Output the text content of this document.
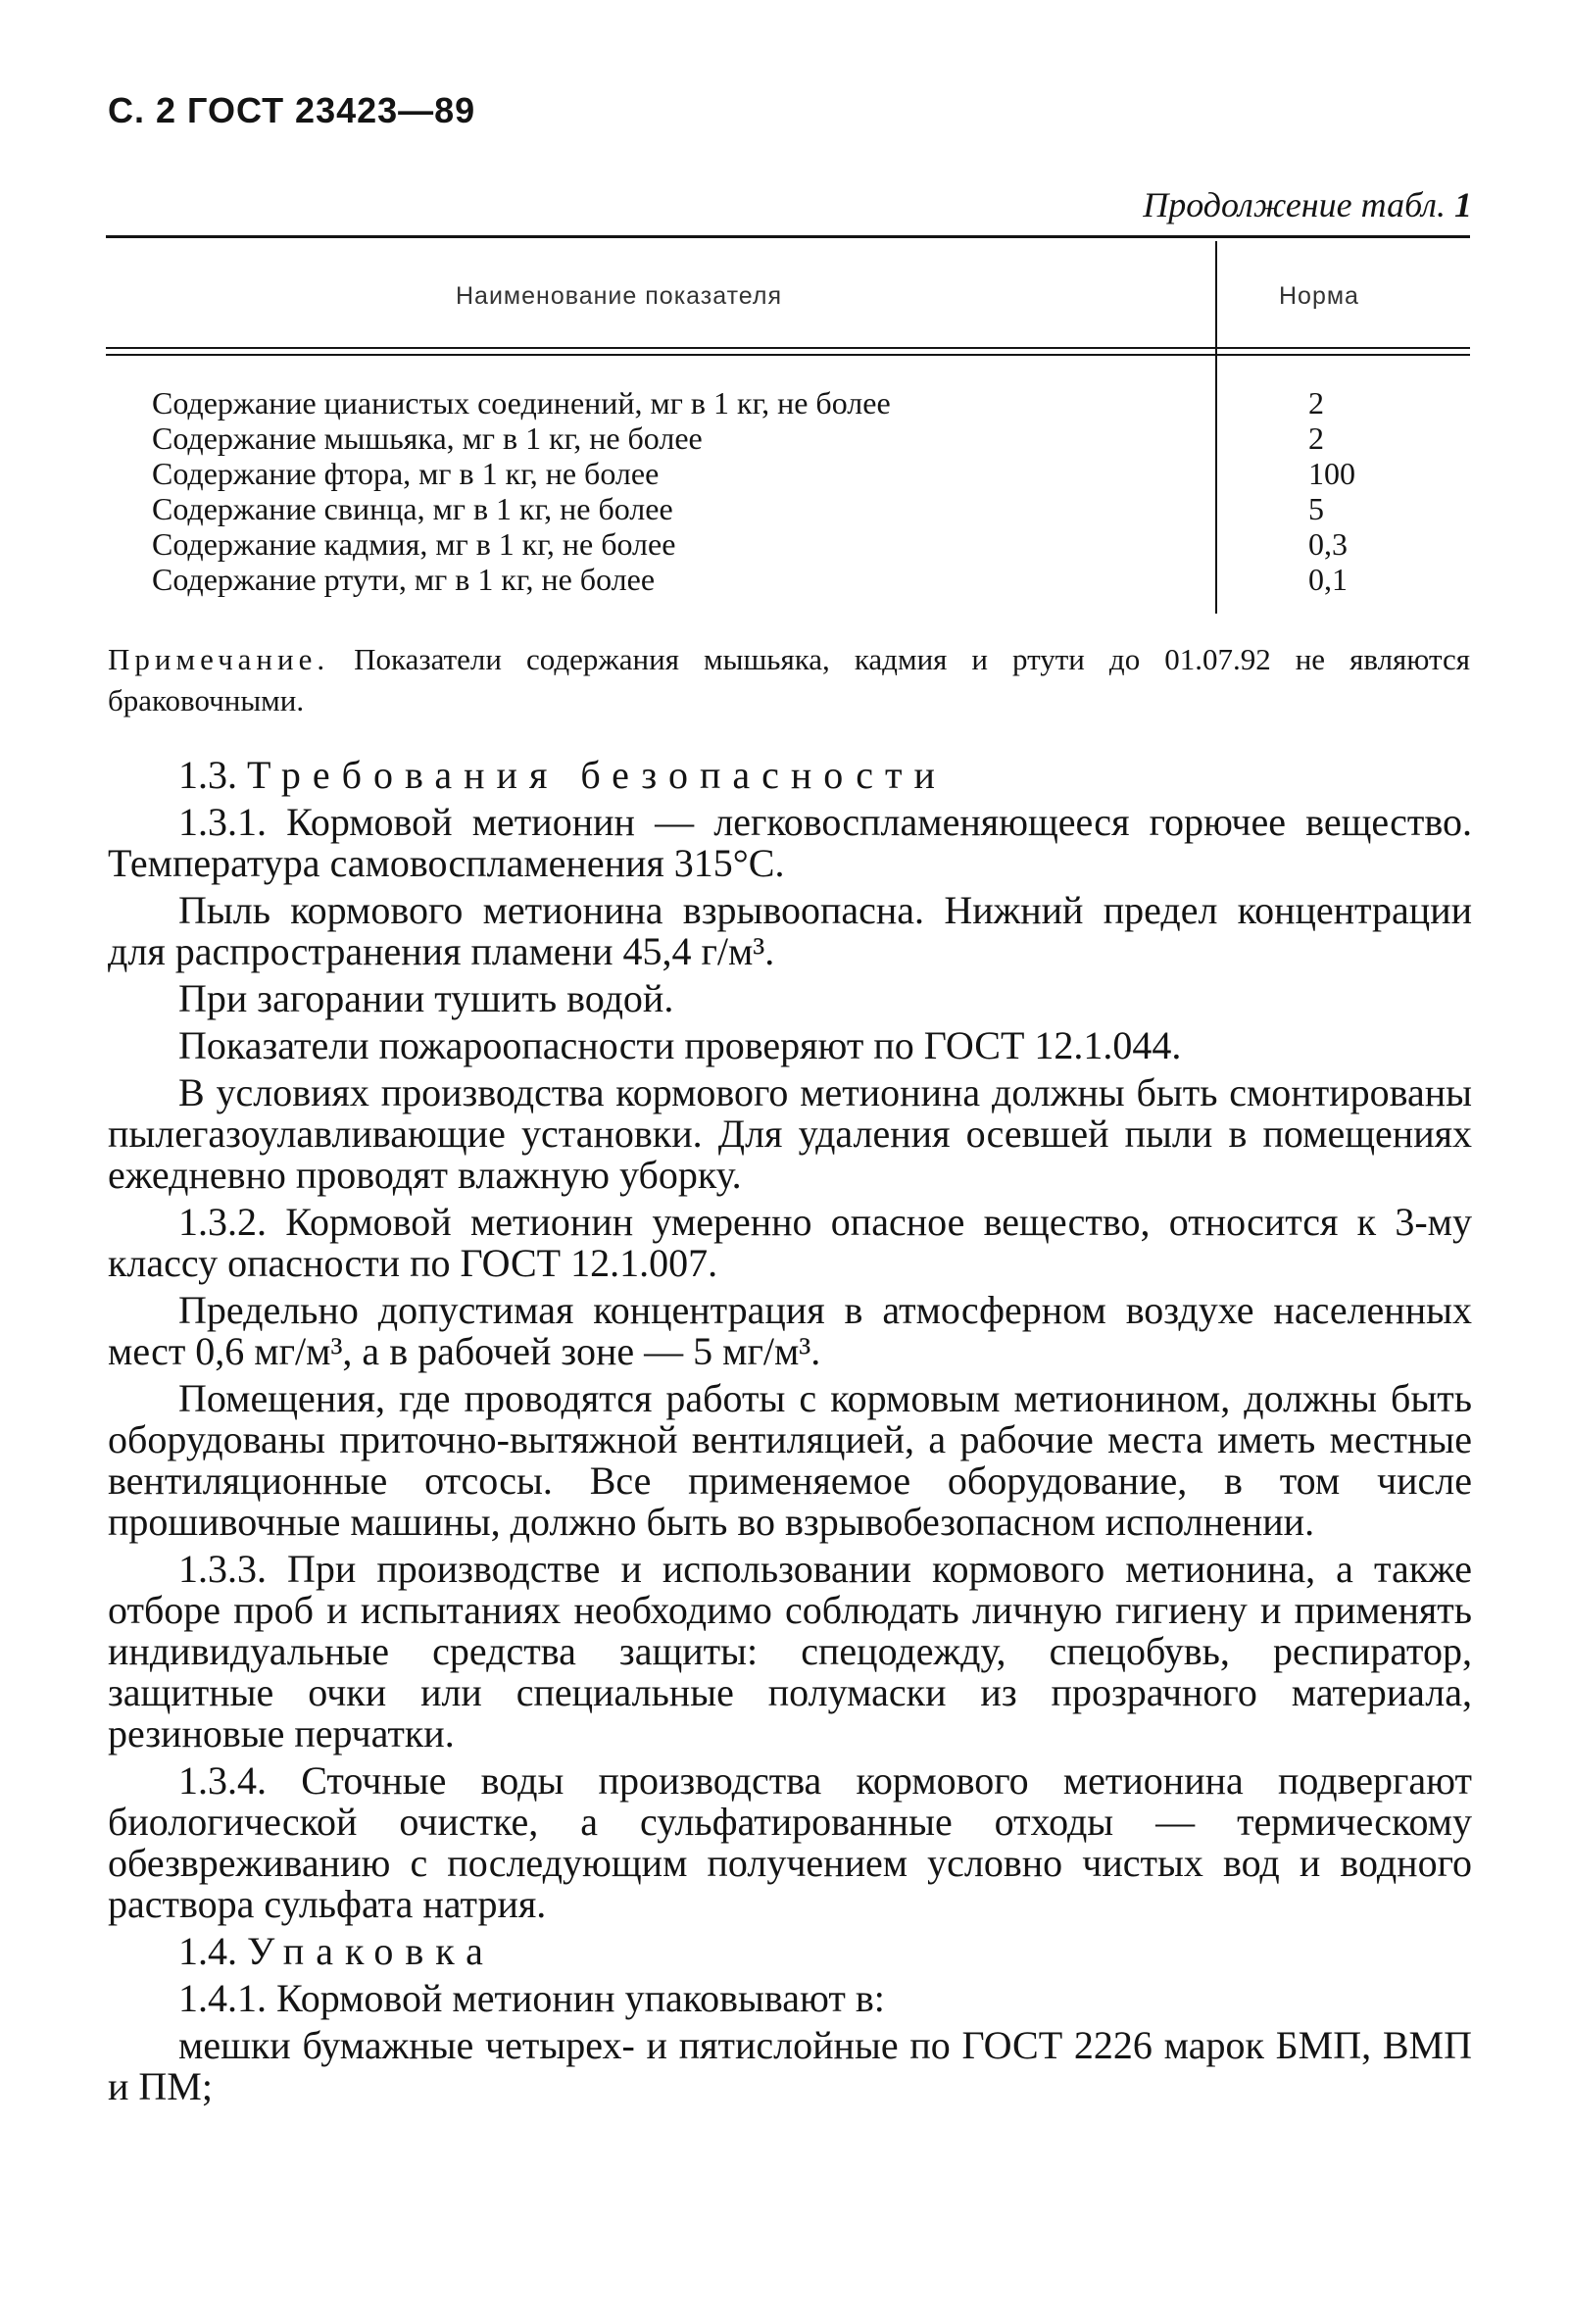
С. 2 ГОСТ 23423—89
Продолжение табл. 1
Наименование показателя	Норма
Содержание цианистых соединений, мг в 1 кг, не более	2
Содержание мышьяка, мг в 1 кг, не более	2
Содержание фтора, мг в 1 кг, не более	100
Содержание свинца, мг в 1 кг, не более	5
Содержание кадмия, мг в 1 кг, не более	0,3
Содержание ртути, мг в 1 кг, не более	0,1
Примечание. Показатели содержания мышьяка, кадмия и ртути до 01.07.92 не являются браковочными.
1.3. Требования безопасности

1.3.1. Кормовой метионин — легковоспламеняющееся горючее вещество. Температура самовоспламенения 315°С.

Пыль кормового метионина взрывоопасна. Нижний предел концентрации для распространения пламени 45,4 г/м³.

При загорании тушить водой.

Показатели пожароопасности проверяют по ГОСТ 12.1.044.

В условиях производства кормового метионина должны быть смонтированы пылегазоулавливающие установки. Для удаления осевшей пыли в помещениях ежедневно проводят влажную уборку.

1.3.2. Кормовой метионин умеренно опасное вещество, относится к 3-му классу опасности по ГОСТ 12.1.007.

Предельно допустимая концентрация в атмосферном воздухе населенных мест 0,6 мг/м³, а в рабочей зоне — 5 мг/м³.

Помещения, где проводятся работы с кормовым метионином, должны быть оборудованы приточно-вытяжной вентиляцией, а рабочие места иметь местные вентиляционные отсосы. Все применяемое оборудование, в том числе прошивочные машины, должно быть во взрывобезопасном исполнении.

1.3.3. При производстве и использовании кормового метионина, а также отборе проб и испытаниях необходимо соблюдать личную гигиену и применять индивидуальные средства защиты: спецодежду, спецобувь, респиратор, защитные очки или специальные полумаски из прозрачного материала, резиновые перчатки.

1.3.4. Сточные воды производства кормового метионина подвергают биологической очистке, а сульфатированные отходы — термическому обезвреживанию с последующим получением условно чистых вод и водного раствора сульфата натрия.

1.4. Упаковка

1.4.1. Кормовой метионин упаковывают в:

мешки бумажные четырех- и пятислойные по ГОСТ 2226 марок БМП, ВМП и ПМ;
